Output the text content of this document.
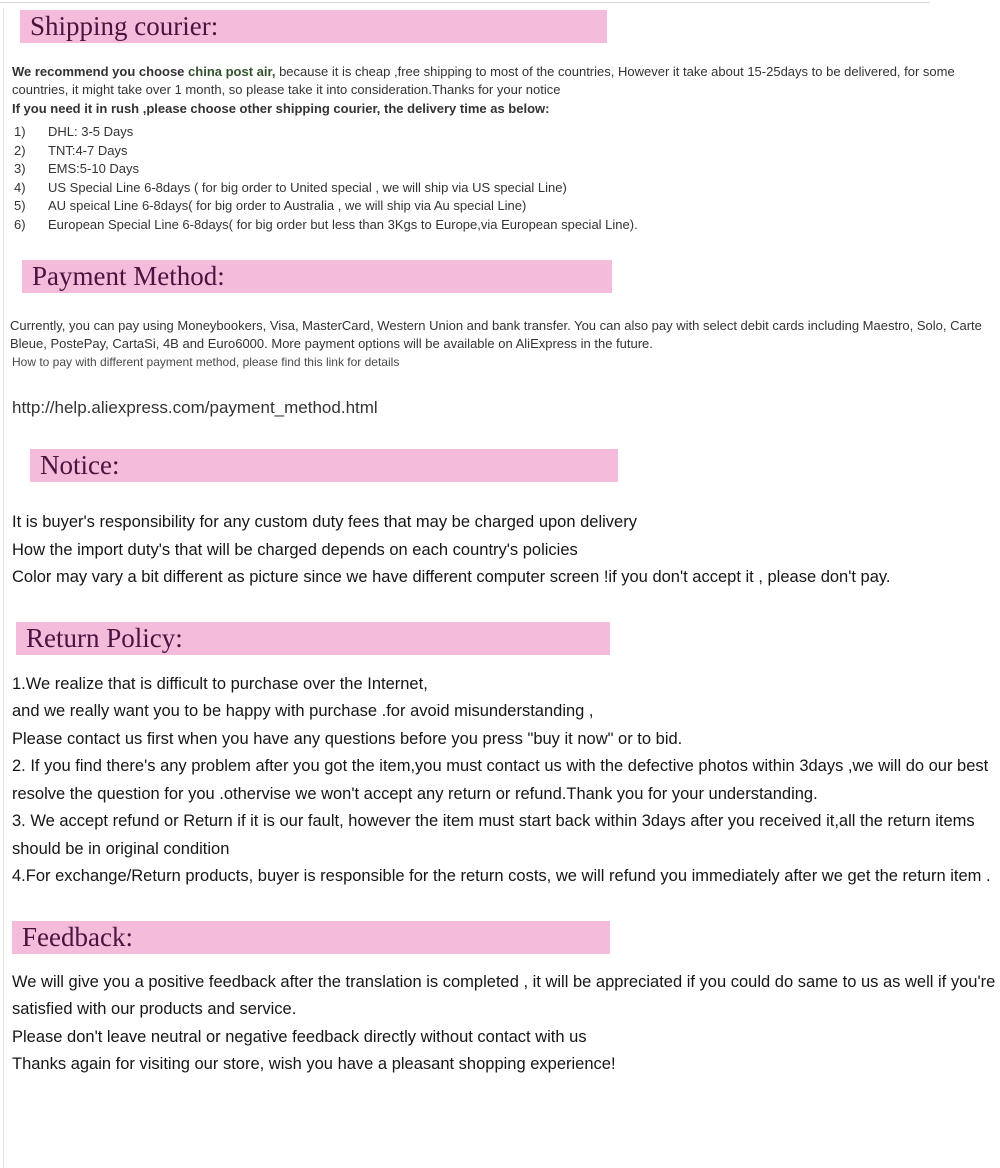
Shipping courier:
We recommend you choose china post air, because it is cheap ,free shipping to most of the countries, However it take about 15-25days to be delivered, for some countries, it might take over 1 month, so please take it into consideration.Thanks for your notice
If you need it in rush ,please choose other shipping courier, the delivery time as below:
1)	DHL: 3-5 Days
2)	TNT:4-7 Days
3)	EMS:5-10 Days
4)	US Special Line 6-8days ( for big order to United special , we will ship via US special Line)
5)	AU speical Line 6-8days( for big order to Australia , we will ship via Au special Line)
6)	European Special Line 6-8days( for big order but less than 3Kgs to Europe,via European special Line).
Payment Method:
Currently, you can pay using Moneybookers, Visa, MasterCard, Western Union and bank transfer. You can also pay with select debit cards including Maestro, Solo, Carte Bleue, PostePay, CartaSi, 4B and Euro6000. More payment options will be available on AliExpress in the future.
How to pay with different payment method, please find this link for details
http://help.aliexpress.com/payment_method.html
Notice:
It is buyer's responsibility for any custom duty fees that may be charged upon delivery
How the import duty's that will be charged depends on each country's policies
Color may vary a bit different as picture since we have different computer screen !if you don't accept it , please don't pay.
Return Policy:
1.We realize that is difficult to purchase over the Internet,
and we really want you to be happy with purchase .for avoid misunderstanding ,
Please contact us first when you have any questions before you press "buy it now" or to bid.
2. If you find there's any problem after you got the item,you must contact us with the defective photos within 3days ,we will do our best resolve the question for you .othervise we won't accept any return or refund.Thank you for your understanding.
3. We accept refund or Return if it is our fault, however the item must start back within 3days after you received it,all the return items should be in original condition
4.For exchange/Return products, buyer is responsible for the return costs, we will refund you immediately after we get the return item .
Feedback:
We will give you a positive feedback after the translation is completed , it will be appreciated if you could do same to us as well if you're satisfied with our products and service.
Please don't leave neutral or negative feedback directly without contact with us
Thanks again for visiting our store, wish you have a pleasant shopping experience!
